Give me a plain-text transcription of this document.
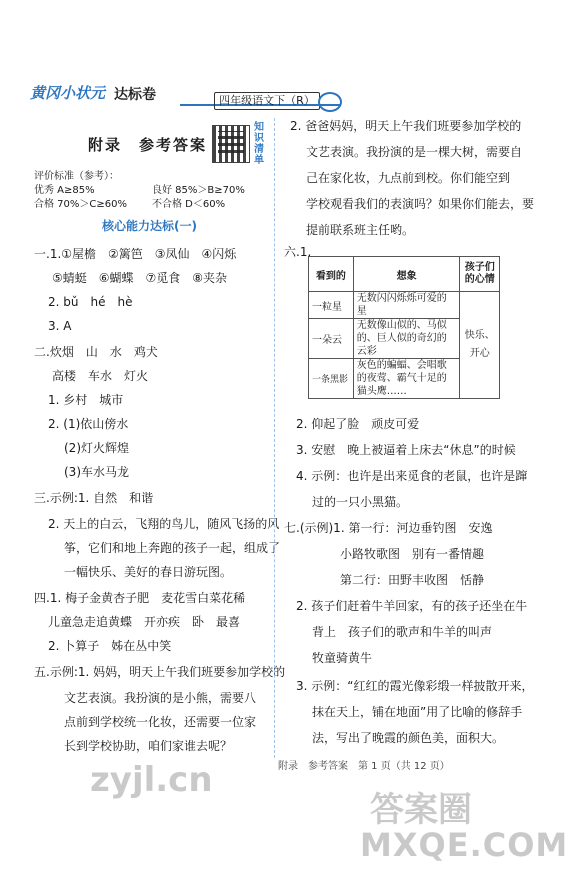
黄冈小状元 达标卷	四年级语文下（R）
附录　参考答案
知识清单
评价标准（参考）：
优秀 A≥85%	良好 85%＞B≥70%
合格 70%＞C≥60%	不合格 D＜60%
核心能力达标(一)
一.1.①屋檐　②篱笆　③凤仙　④闪烁
⑤蜻蜓　⑥蝴蝶　⑦觅食　⑧夹杂
2. bǔ　hé　hè
3. A
二.炊烟　山　水　鸡犬
高楼　车水　灯火
1. 乡村　城市
2. (1)依山傍水
(2)灯火辉煌
(3)车水马龙
三.示例:1. 自然　和谐
2. 天上的白云，飞翔的鸟儿，随风飞扬的风
筝，它们和地上奔跑的孩子一起，组成了
一幅快乐、美好的春日游玩图。
四.1. 梅子金黄杏子肥　麦花雪白菜花稀
儿童急走追黄蝶　开亦疾　卧　最喜
2. 卜算子　姊在丛中笑
五.示例:1. 妈妈，明天上午我们班要参加学校的
文艺表演。我扮演的是小熊，需要八
点前到学校统一化妆，还需要一位家
长到学校协助，咱们家谁去呢？
2. 爸爸妈妈，明天上午我们班要参加学校的
文艺表演。我扮演的是一棵大树，需要自
己在家化妆，九点前到校。你们能空到
学校观看我们的表演吗？如果你们能去，要
提前联系班主任哟。
六.1.
看到的	想象	孩子们的心情
一粒星	无数闪闪烁烁可爱的星	快乐、开心
一朵云	无数像山似的、马似的、巨人似的奇幻的云彩	
一条黑影	灰色的蝙蝠、会唱歌的夜莺、霸气十足的猫头鹰……	
2. 仰起了脸　顽皮可爱
3. 安慰　晚上被逼着上床去“休息”的时候
4. 示例：也许是出来觅食的老鼠，也许是蹿
过的一只小黑猫。
七.(示例)1. 第一行：河边垂钓图　安逸
小路牧歌图　别有一番情趣
第二行：田野丰收图　恬静
2. 孩子们赶着牛羊回家，有的孩子还坐在牛
背上　孩子们的歌声和牛羊的叫声
牧童骑黄牛
3. 示例：“红红的霞光像彩缎一样披散开来，
抹在天上，铺在地面”用了比喻的修辞手
法，写出了晚霞的颜色美，面积大。
附录　参考答案　第 1 页（共 12 页）
zyjl.cn
答案圈
MXQE.COM
